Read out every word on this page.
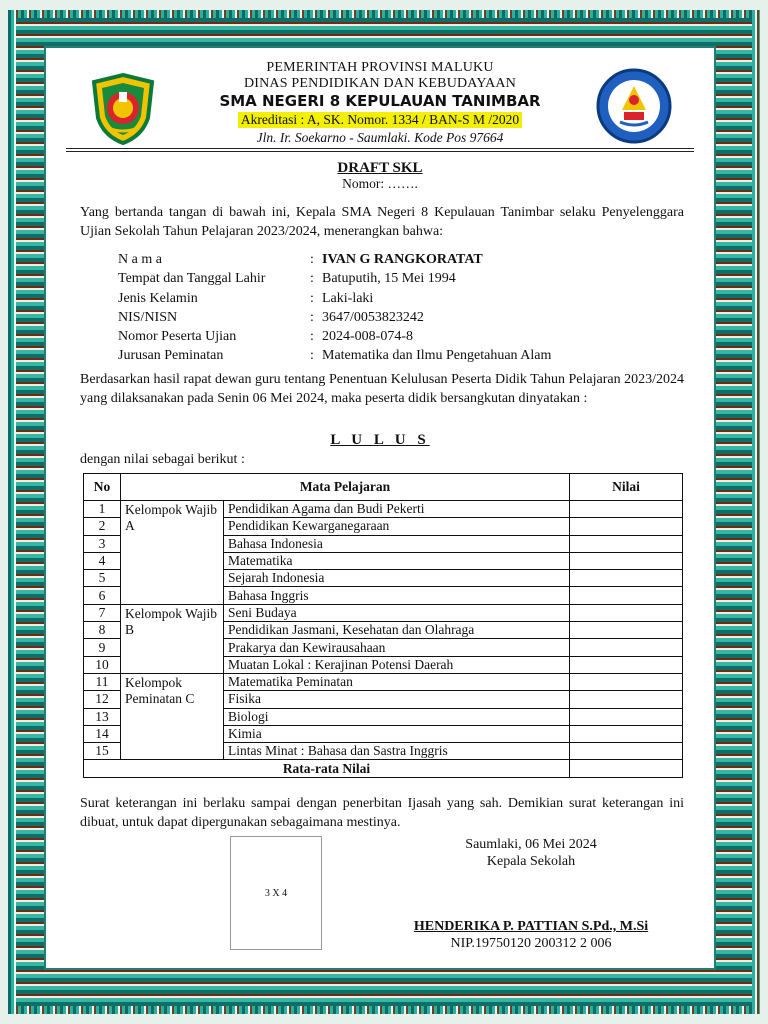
PEMERINTAH PROVINSI MALUKU
DINAS PENDIDIKAN DAN KEBUDAYAAN
SMA NEGERI 8 KEPULAUAN TANIMBAR
Akreditasi : A, SK. Nomor. 1334 / BAN-S M /2020
Jln. Ir. Soekarno - Saumlaki. Kode Pos 97664
DRAFT SKL
Nomor: …….
Yang bertanda tangan di bawah ini, Kepala SMA Negeri 8 Kepulauan Tanimbar selaku Penyelenggara Ujian Sekolah Tahun Pelajaran 2023/2024, menerangkan bahwa:
N a m a	: IVAN G RANGKORATAT
Tempat dan Tanggal Lahir	: Batuputih, 15 Mei 1994
Jenis Kelamin	: Laki-laki
NIS/NISN	: 3647/0053823242
Nomor Peserta Ujian	: 2024-008-074-8
Jurusan Peminatan	: Matematika dan Ilmu Pengetahuan Alam
Berdasarkan hasil rapat dewan guru tentang Penentuan Kelulusan Peserta Didik Tahun Pelajaran 2023/2024 yang dilaksanakan pada Senin 06 Mei 2024, maka peserta didik bersangkutan dinyatakan :
L U L U S
dengan nilai sebagai berikut :
No	Mata Pelajaran		Nilai
1	Kelompok Wajib A	Pendidikan Agama dan Budi Pekerti	
2		Pendidikan Kewarganegaraan	
3		Bahasa Indonesia	
4		Matematika	
5		Sejarah Indonesia	
6		Bahasa Inggris	
7	Kelompok Wajib B	Seni Budaya	
8		Pendidikan Jasmani, Kesehatan dan Olahraga	
9		Prakarya dan Kewirausahaan	
10		Muatan Lokal : Kerajinan Potensi Daerah	
11	Kelompok Peminatan C	Matematika Peminatan	
12		Fisika	
13		Biologi	
14		Kimia	
15		Lintas Minat : Bahasa dan Sastra Inggris	
Rata-rata Nilai			
Surat keterangan ini berlaku sampai dengan penerbitan Ijasah yang sah. Demikian surat keterangan ini dibuat, untuk dapat dipergunakan sebagaimana mestinya.
Saumlaki, 06 Mei 2024
Kepala Sekolah
3 X 4
HENDERIKA P. PATTIAN S.Pd., M.Si
NIP.19750120 200312 2 006
